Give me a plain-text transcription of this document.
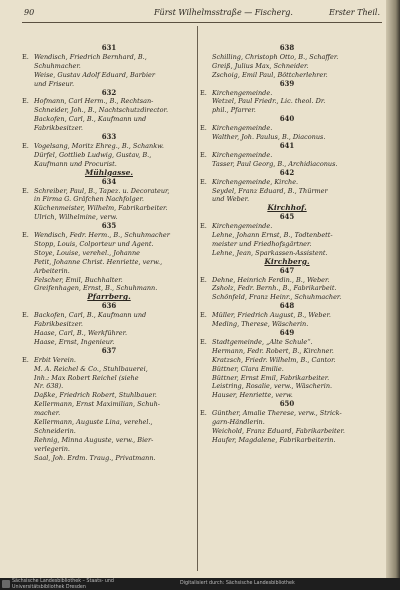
90	Fürst Wilhelmsstraße — Fischerg.	Erster Theil.
631
E. Wendisch, Friedrich Bernhard, B.,
Schuhmacher.
Weise, Gustav Adolf Eduard, Barbier
und Friseur.
632
E. Hofmann, Carl Herm., B., Rechtsan-
Schneider, Joh., B., Nachtschutzdirector.
Backofen, Carl, B., Kaufmann und
Fabrikbesitzer.
633
E. Vogelsang, Moritz Ehreg., B., Schankw.
Dürfel, Gottlieb Ludwig, Gustav, B.,
Kaufmann und Procurist.
Mühlgasse.
634
E. Schreiber, Paul, B., Tapez. u. Decorateur,
in Firma G. Gräfchen Nachfolger.
Küchenmeister, Wilhelm, Fabrikarbeiter.
Ulrich, Wilhelmine, verw.
635
E. Wendisch, Fedr. Herm., B., Schuhmacher
Stopp, Louis, Colporteur und Agent.
Stoye, Louise, verehel., Johanne
Petit, Johanne Christ. Henriette, verw.,
Arbeiterin.
Felscher, Emil, Buchhalter.
Greifenhagen, Ernst, B., Schuhmann.
Pfarrberg.
636
E. Backofen, Carl, B., Kaufmann und
Fabrikbesitzer.
Haase, Carl, B., Werkführer.
Haase, Ernst, Ingenieur.
637
E. Erbit Verein.
M. A. Reichel & Co., Stuhlbauerei,
Inh.: Max Robert Reichel (siehe
Nr. 638).
Daßke, Friedrich Robert, Stuhlbauer.
Kellermann, Ernst Maximilian, Schuh-
macher.
Kellermann, Auguste Lina, verehel.,
Schneiderin.
Rehnig, Minna Auguste, verw., Bier-
verlegerin.
Saal, Joh. Erdm. Traug., Privatmann.
638
Schilling, Christoph Otto, B., Schaffer.
Greiß, Julius Max, Schneider.
Zschoig, Emil Paul, Böttcherlehrer.
639
E. Kirchengemeinde.
Wetzel, Paul Friedr., Lic. theol. Dr.
phil., Pfarrer.
640
E. Kirchengemeinde.
Walther, Joh. Paulus, B., Diaconus.
641
E. Kirchengemeinde.
Tasser, Paul Georg, B., Archidiaconus.
642
E. Kirchengemeinde, Kirche.
Seydel, Franz Eduard, B., Thürmer
und Weber.
Kirchhof.
645
E. Kirchengemeinde.
Lehne, Johann Ernst, B., Todtenbett-
meister und Friedhofsgärtner.
Lehne, Jean, Sparkassen-Assistent.
Kirchberg.
647
E. Dehne, Heinrich Ferdin., B., Weber.
Zsholz, Fedr. Bernh., B., Fabrikarbeit.
Schönfeld, Franz Heinr., Schuhmacher.
648
E. Müller, Friedrich August, B., Weber.
Meding, Therese, Wäscherin.
649
E. Stadtgemeinde, „Alte Schule“.
Hermann, Fedr. Robert, B., Kirchner.
Kratzsch, Friedr. Wilhelm, B., Cantor.
Büttner, Clara Emilie.
Büttner, Ernst Emil, Fabrikarbeiter.
Leistring, Rosalie, verw., Wäscherin.
Hauser, Henriette, verw.
650
E. Günther, Amalie Therese, verw., Strick-
garn-Händlerin.
Weichold, Franz Eduard, Fabrikarbeiter.
Haufer, Magdalene, Fabrikarbeiterin.
Sächsische Landesbibliothek – Staats- und Universitätsbibliothek Dresden
Digitalisiert durch: Sächsische Landesbibliothek
